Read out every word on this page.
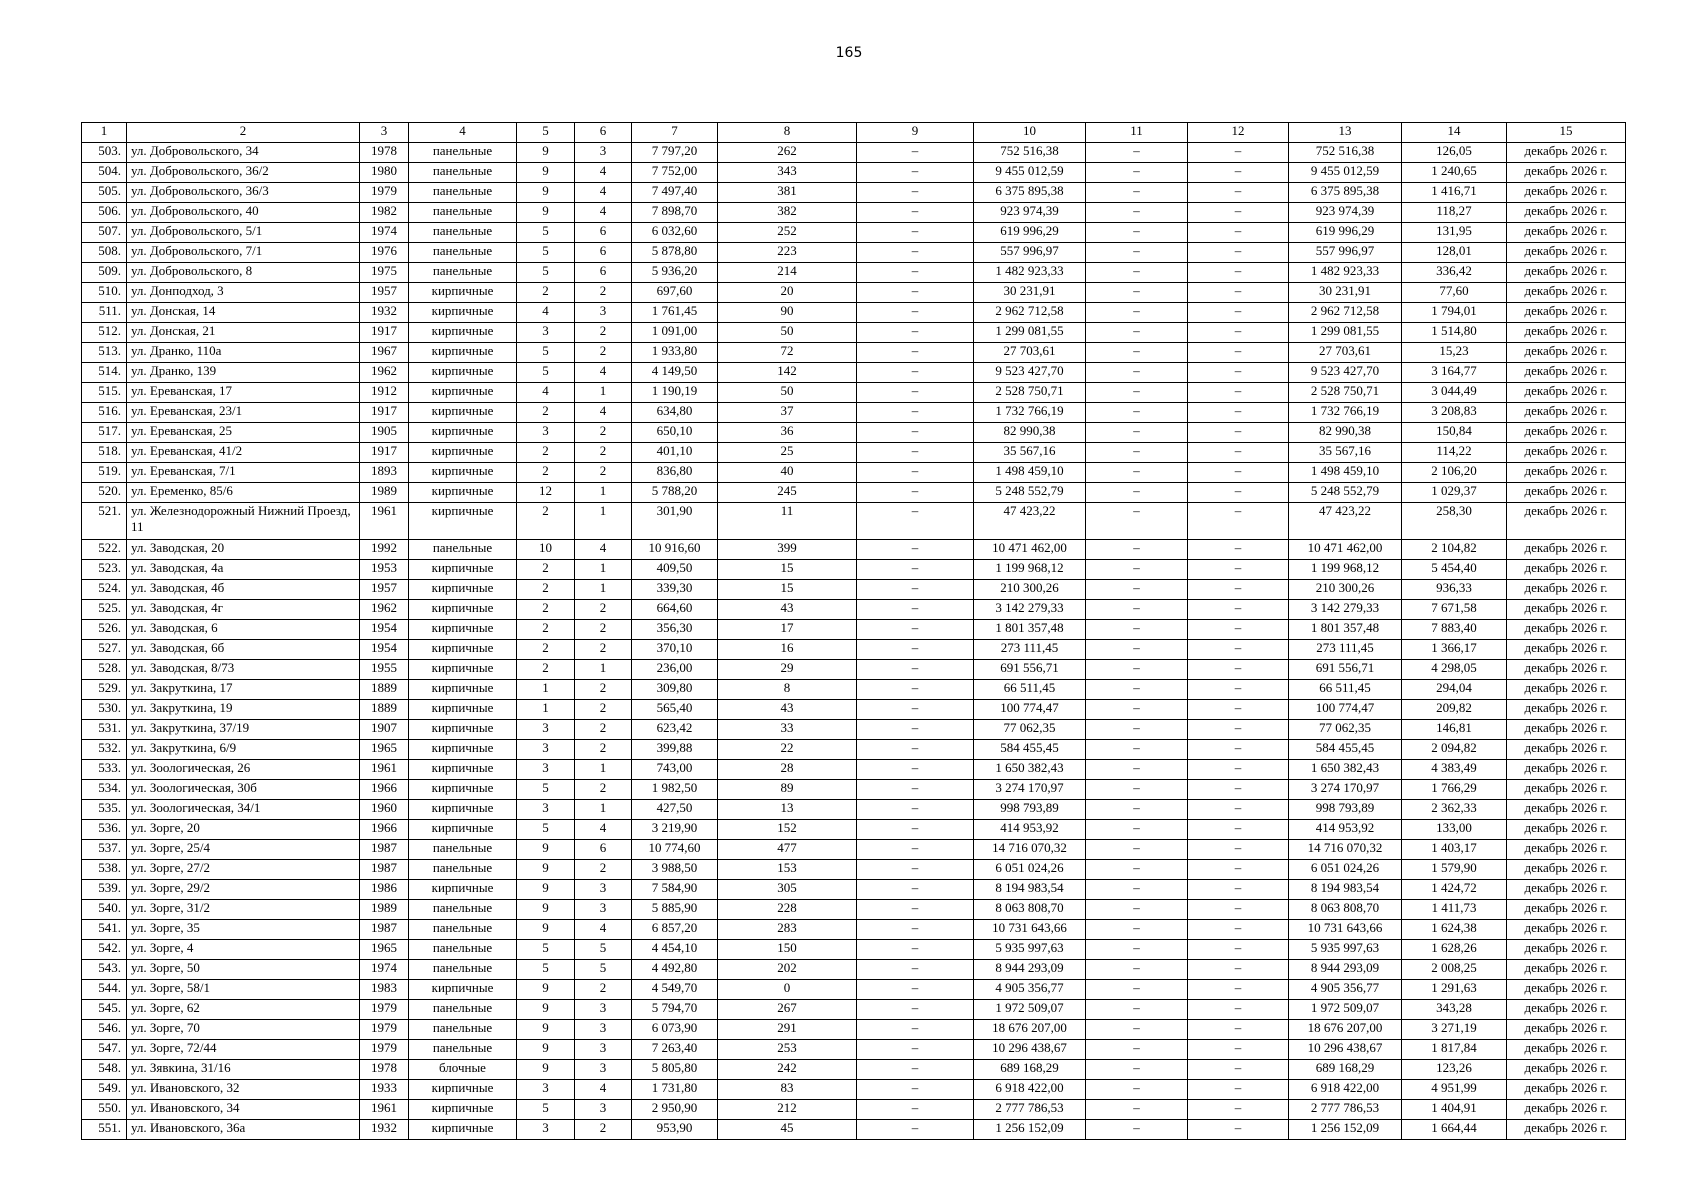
165
1	2	3	4	5	6	7	8	9	10	11	12	13	14	15
503.	ул. Добровольского, 34	1978	панельные	9	3	7 797,20	262	–	752 516,38	–	–	752 516,38	126,05	декабрь 2026 г.
504.	ул. Добровольского, 36/2	1980	панельные	9	4	7 752,00	343	–	9 455 012,59	–	–	9 455 012,59	1 240,65	декабрь 2026 г.
505.	ул. Добровольского, 36/3	1979	панельные	9	4	7 497,40	381	–	6 375 895,38	–	–	6 375 895,38	1 416,71	декабрь 2026 г.
506.	ул. Добровольского, 40	1982	панельные	9	4	7 898,70	382	–	923 974,39	–	–	923 974,39	118,27	декабрь 2026 г.
507.	ул. Добровольского, 5/1	1974	панельные	5	6	6 032,60	252	–	619 996,29	–	–	619 996,29	131,95	декабрь 2026 г.
508.	ул. Добровольского, 7/1	1976	панельные	5	6	5 878,80	223	–	557 996,97	–	–	557 996,97	128,01	декабрь 2026 г.
509.	ул. Добровольского, 8	1975	панельные	5	6	5 936,20	214	–	1 482 923,33	–	–	1 482 923,33	336,42	декабрь 2026 г.
510.	ул. Донподход, 3	1957	кирпичные	2	2	697,60	20	–	30 231,91	–	–	30 231,91	77,60	декабрь 2026 г.
511.	ул. Донская, 14	1932	кирпичные	4	3	1 761,45	90	–	2 962 712,58	–	–	2 962 712,58	1 794,01	декабрь 2026 г.
512.	ул. Донская, 21	1917	кирпичные	3	2	1 091,00	50	–	1 299 081,55	–	–	1 299 081,55	1 514,80	декабрь 2026 г.
513.	ул. Дранко, 110а	1967	кирпичные	5	2	1 933,80	72	–	27 703,61	–	–	27 703,61	15,23	декабрь 2026 г.
514.	ул. Дранко, 139	1962	кирпичные	5	4	4 149,50	142	–	9 523 427,70	–	–	9 523 427,70	3 164,77	декабрь 2026 г.
515.	ул. Ереванская, 17	1912	кирпичные	4	1	1 190,19	50	–	2 528 750,71	–	–	2 528 750,71	3 044,49	декабрь 2026 г.
516.	ул. Ереванская, 23/1	1917	кирпичные	2	4	634,80	37	–	1 732 766,19	–	–	1 732 766,19	3 208,83	декабрь 2026 г.
517.	ул. Ереванская, 25	1905	кирпичные	3	2	650,10	36	–	82 990,38	–	–	82 990,38	150,84	декабрь 2026 г.
518.	ул. Ереванская, 41/2	1917	кирпичные	2	2	401,10	25	–	35 567,16	–	–	35 567,16	114,22	декабрь 2026 г.
519.	ул. Ереванская, 7/1	1893	кирпичные	2	2	836,80	40	–	1 498 459,10	–	–	1 498 459,10	2 106,20	декабрь 2026 г.
520.	ул. Еременко, 85/6	1989	кирпичные	12	1	5 788,20	245	–	5 248 552,79	–	–	5 248 552,79	1 029,37	декабрь 2026 г.
521.	ул. Железнодорожный Нижний Проезд, 11	1961	кирпичные	2	1	301,90	11	–	47 423,22	–	–	47 423,22	258,30	декабрь 2026 г.
522.	ул. Заводская, 20	1992	панельные	10	4	10 916,60	399	–	10 471 462,00	–	–	10 471 462,00	2 104,82	декабрь 2026 г.
523.	ул. Заводская, 4а	1953	кирпичные	2	1	409,50	15	–	1 199 968,12	–	–	1 199 968,12	5 454,40	декабрь 2026 г.
524.	ул. Заводская, 4б	1957	кирпичные	2	1	339,30	15	–	210 300,26	–	–	210 300,26	936,33	декабрь 2026 г.
525.	ул. Заводская, 4г	1962	кирпичные	2	2	664,60	43	–	3 142 279,33	–	–	3 142 279,33	7 671,58	декабрь 2026 г.
526.	ул. Заводская, 6	1954	кирпичные	2	2	356,30	17	–	1 801 357,48	–	–	1 801 357,48	7 883,40	декабрь 2026 г.
527.	ул. Заводская, 6б	1954	кирпичные	2	2	370,10	16	–	273 111,45	–	–	273 111,45	1 366,17	декабрь 2026 г.
528.	ул. Заводская, 8/73	1955	кирпичные	2	1	236,00	29	–	691 556,71	–	–	691 556,71	4 298,05	декабрь 2026 г.
529.	ул. Закруткина, 17	1889	кирпичные	1	2	309,80	8	–	66 511,45	–	–	66 511,45	294,04	декабрь 2026 г.
530.	ул. Закруткина, 19	1889	кирпичные	1	2	565,40	43	–	100 774,47	–	–	100 774,47	209,82	декабрь 2026 г.
531.	ул. Закруткина, 37/19	1907	кирпичные	3	2	623,42	33	–	77 062,35	–	–	77 062,35	146,81	декабрь 2026 г.
532.	ул. Закруткина, 6/9	1965	кирпичные	3	2	399,88	22	–	584 455,45	–	–	584 455,45	2 094,82	декабрь 2026 г.
533.	ул. Зоологическая, 26	1961	кирпичные	3	1	743,00	28	–	1 650 382,43	–	–	1 650 382,43	4 383,49	декабрь 2026 г.
534.	ул. Зоологическая, 30б	1966	кирпичные	5	2	1 982,50	89	–	3 274 170,97	–	–	3 274 170,97	1 766,29	декабрь 2026 г.
535.	ул. Зоологическая, 34/1	1960	кирпичные	3	1	427,50	13	–	998 793,89	–	–	998 793,89	2 362,33	декабрь 2026 г.
536.	ул. Зорге, 20	1966	кирпичные	5	4	3 219,90	152	–	414 953,92	–	–	414 953,92	133,00	декабрь 2026 г.
537.	ул. Зорге, 25/4	1987	панельные	9	6	10 774,60	477	–	14 716 070,32	–	–	14 716 070,32	1 403,17	декабрь 2026 г.
538.	ул. Зорге, 27/2	1987	панельные	9	2	3 988,50	153	–	6 051 024,26	–	–	6 051 024,26	1 579,90	декабрь 2026 г.
539.	ул. Зорге, 29/2	1986	кирпичные	9	3	7 584,90	305	–	8 194 983,54	–	–	8 194 983,54	1 424,72	декабрь 2026 г.
540.	ул. Зорге, 31/2	1989	панельные	9	3	5 885,90	228	–	8 063 808,70	–	–	8 063 808,70	1 411,73	декабрь 2026 г.
541.	ул. Зорге, 35	1987	панельные	9	4	6 857,20	283	–	10 731 643,66	–	–	10 731 643,66	1 624,38	декабрь 2026 г.
542.	ул. Зорге, 4	1965	панельные	5	5	4 454,10	150	–	5 935 997,63	–	–	5 935 997,63	1 628,26	декабрь 2026 г.
543.	ул. Зорге, 50	1974	панельные	5	5	4 492,80	202	–	8 944 293,09	–	–	8 944 293,09	2 008,25	декабрь 2026 г.
544.	ул. Зорге, 58/1	1983	кирпичные	9	2	4 549,70	0	–	4 905 356,77	–	–	4 905 356,77	1 291,63	декабрь 2026 г.
545.	ул. Зорге, 62	1979	панельные	9	3	5 794,70	267	–	1 972 509,07	–	–	1 972 509,07	343,28	декабрь 2026 г.
546.	ул. Зорге, 70	1979	панельные	9	3	6 073,90	291	–	18 676 207,00	–	–	18 676 207,00	3 271,19	декабрь 2026 г.
547.	ул. Зорге, 72/44	1979	панельные	9	3	7 263,40	253	–	10 296 438,67	–	–	10 296 438,67	1 817,84	декабрь 2026 г.
548.	ул. Зявкина, 31/16	1978	блочные	9	3	5 805,80	242	–	689 168,29	–	–	689 168,29	123,26	декабрь 2026 г.
549.	ул. Ивановского, 32	1933	кирпичные	3	4	1 731,80	83	–	6 918 422,00	–	–	6 918 422,00	4 951,99	декабрь 2026 г.
550.	ул. Ивановского, 34	1961	кирпичные	5	3	2 950,90	212	–	2 777 786,53	–	–	2 777 786,53	1 404,91	декабрь 2026 г.
551.	ул. Ивановского, 36а	1932	кирпичные	3	2	953,90	45	–	1 256 152,09	–	–	1 256 152,09	1 664,44	декабрь 2026 г.
